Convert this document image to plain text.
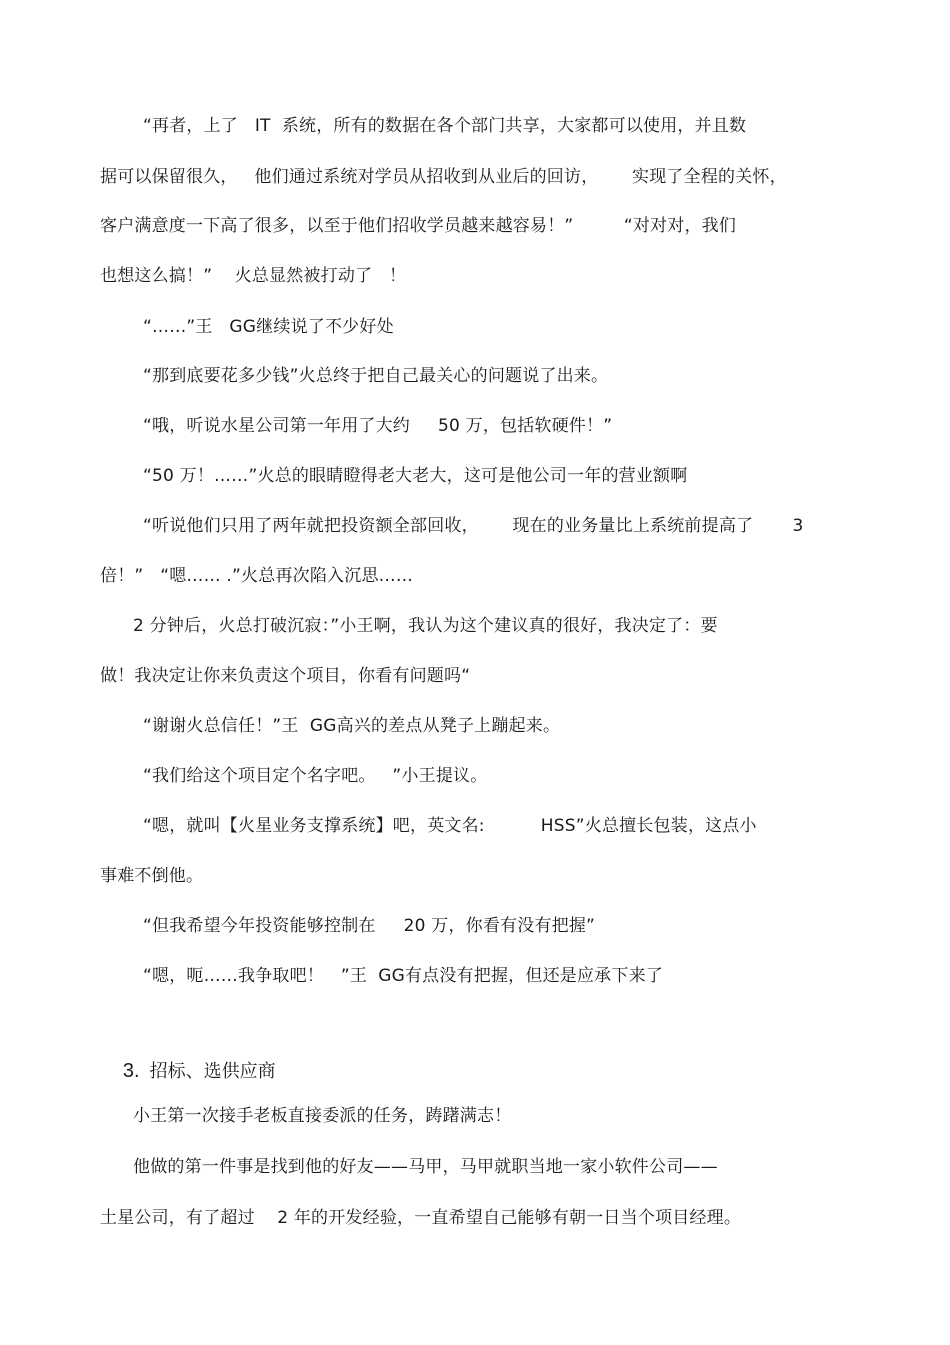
“再者，上了   IT  系统，所有的数据在各个部门共享，大家都可以使用，并且数
据可以保留很久，   他们通过系统对学员从招收到从业后的回访，      实现了全程的关怀，
客户满意度一下高了很多，以至于他们招收学员越来越容易！”         “对对对，我们
也想这么搞！”    火总显然被打动了   ！
“……”王   GG继续说了不少好处
“那到底要花多少钱”火总终于把自己最关心的问题说了出来。
“哦，听说水星公司第一年用了大约     50 万，包括软硬件！”
“50 万！……”火总的眼睛瞪得老大老大，这可是他公司一年的营业额啊
“听说他们只用了两年就把投资额全部回收，      现在的业务量比上系统前提高了       3
倍！”   “嗯…… .”火总再次陷入沉思……
2 分钟后，火总打破沉寂：”小王啊，我认为这个建议真的很好，我决定了：要
做！我决定让你来负责这个项目，你看有问题吗“
“谢谢火总信任！”王  GG高兴的差点从凳子上蹦起来。
“我们给这个项目定个名字吧。   ”小王提议。
“嗯，就叫【火星业务支撑系统】吧，英文名:          HSS”火总擅长包装，这点小
事难不倒他。
“但我希望今年投资能够控制在     20 万，你看有没有把握”
“嗯，呃……我争取吧！   ”王  GG有点没有把握，但还是应承下来了

3. 招标、选供应商

小王第一次接手老板直接委派的任务，踌躇满志！
他做的第一件事是找到他的好友——马甲，马甲就职当地一家小软件公司——
土星公司，有了超过    2 年的开发经验，一直希望自己能够有朝一日当个项目经理。
